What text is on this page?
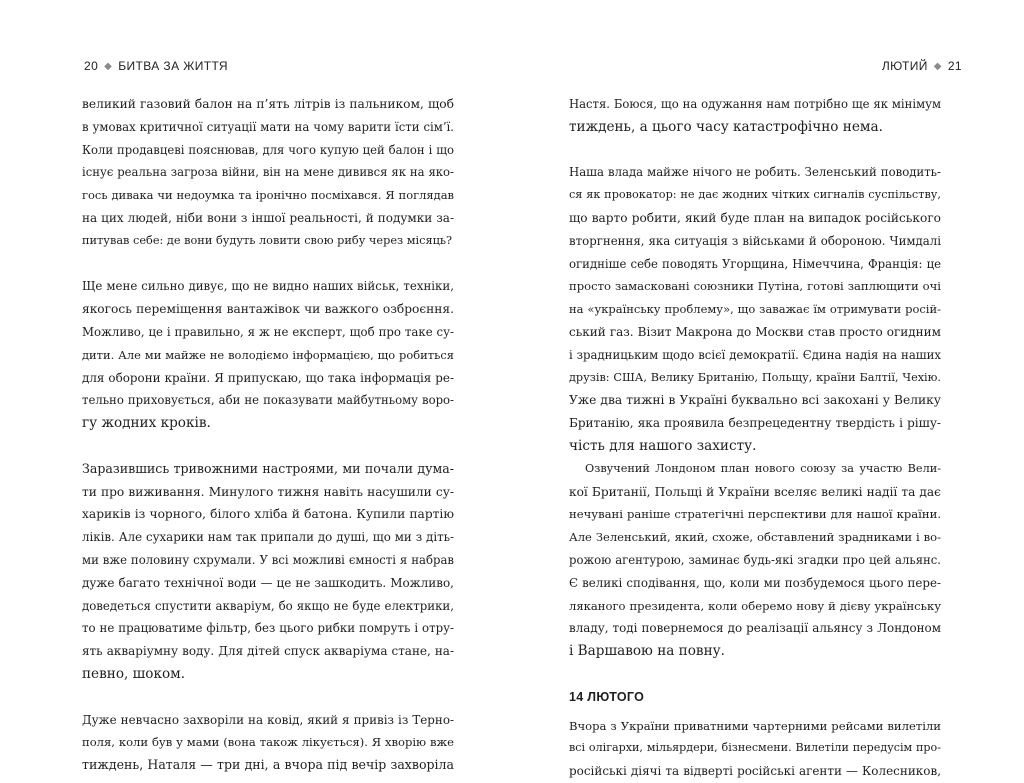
20 ◆ БИТВА ЗА ЖИТТЯ
великий газовий балон на п’ять літрів із пальником, щоб
в умовах критичної ситуації мати на чому варити їсти сім’ї.
Коли продавцеві пояснював, для чого купую цей балон і що
існує реальна загроза війни, він на мене дивився як на яко-
гось дивака чи недоумка та іронічно посміхався. Я поглядав
на цих людей, ніби вони з іншої реальності, й подумки за-
питував себе: де вони будуть ловити свою рибу через місяць?
Ще мене сильно дивує, що не видно наших військ, техніки,
якогось переміщення вантажівок чи важкого озброєння.
Можливо, це і правильно, я ж не експерт, щоб про таке су-
дити. Але ми майже не володіємо інформацією, що робиться
для оборони країни. Я припускаю, що така інформація ре-
тельно приховується, аби не показувати майбутньому воро-
гу жодних кроків.
Заразившись тривожними настроями, ми почали дума-
ти про виживання. Минулого тижня навіть насушили су-
хариків із чорного, білого хліба й батона. Купили партію
ліків. Але сухарики нам так припали до душі, що ми з діть-
ми вже половину схрумали. У всі можливі ємності я набрав
дуже багато технічної води — це не зашкодить. Можливо,
доведеться спустити акваріум, бо якщо не буде електрики,
то не працюватиме фільтр, без цього рибки помруть і отру-
ять акваріумну воду. Для дітей спуск акваріума стане, на-
певно, шоком.
Дуже невчасно захворіли на ковід, який я привіз із Терно-
поля, коли був у мами (вона також лікується). Я хворію вже
тиждень, Наталя — три дні, а вчора під вечір захворіла
ЛЮТИЙ ◆ 21
Настя. Боюся, що на одужання нам потрібно ще як мінімум
тиждень, а цього часу катастрофічно нема.
Наша влада майже нічого не робить. Зеленський поводить-
ся як провокатор: не дає жодних чітких сигналів суспільству,
що варто робити, який буде план на випадок російського
вторгнення, яка ситуація з військами й обороною. Чимдалі
огидніше себе поводять Угорщина, Німеччина, Франція: це
просто замасковані союзники Путіна, готові заплющити очі
на «українську проблему», що заважає їм отримувати росій-
ський газ. Візит Макрона до Москви став просто огидним
і зрадницьким щодо всієї демократії. Єдина надія на наших
друзів: США, Велику Британію, Польщу, країни Балтії, Чехію.
Уже два тижні в Україні буквально всі закохані у Велику
Британію, яка проявила безпрецедентну твердість і рішу-
чість для нашого захисту.
Озвучений Лондоном план нового союзу за участю Вели-
кої Британії, Польщі й України вселяє великі надії та дає
нечувані раніше стратегічні перспективи для нашої країни.
Але Зеленський, який, схоже, обставлений зрадниками і во-
рожою агентурою, заминає будь-які згадки про цей альянс.
Є великі сподівання, що, коли ми позбудемося цього пере-
ляканого президента, коли оберемо нову й дієву українську
владу, тоді повернемося до реалізації альянсу з Лондоном
і Варшавою на повну.
14 ЛЮТОГО
Вчора з України приватними чартерними рейсами вилетіли
всі олігархи, мільярдери, бізнесмени. Вилетіли передусім про-
російські діячі та відверті російські агенти — Колесников,
